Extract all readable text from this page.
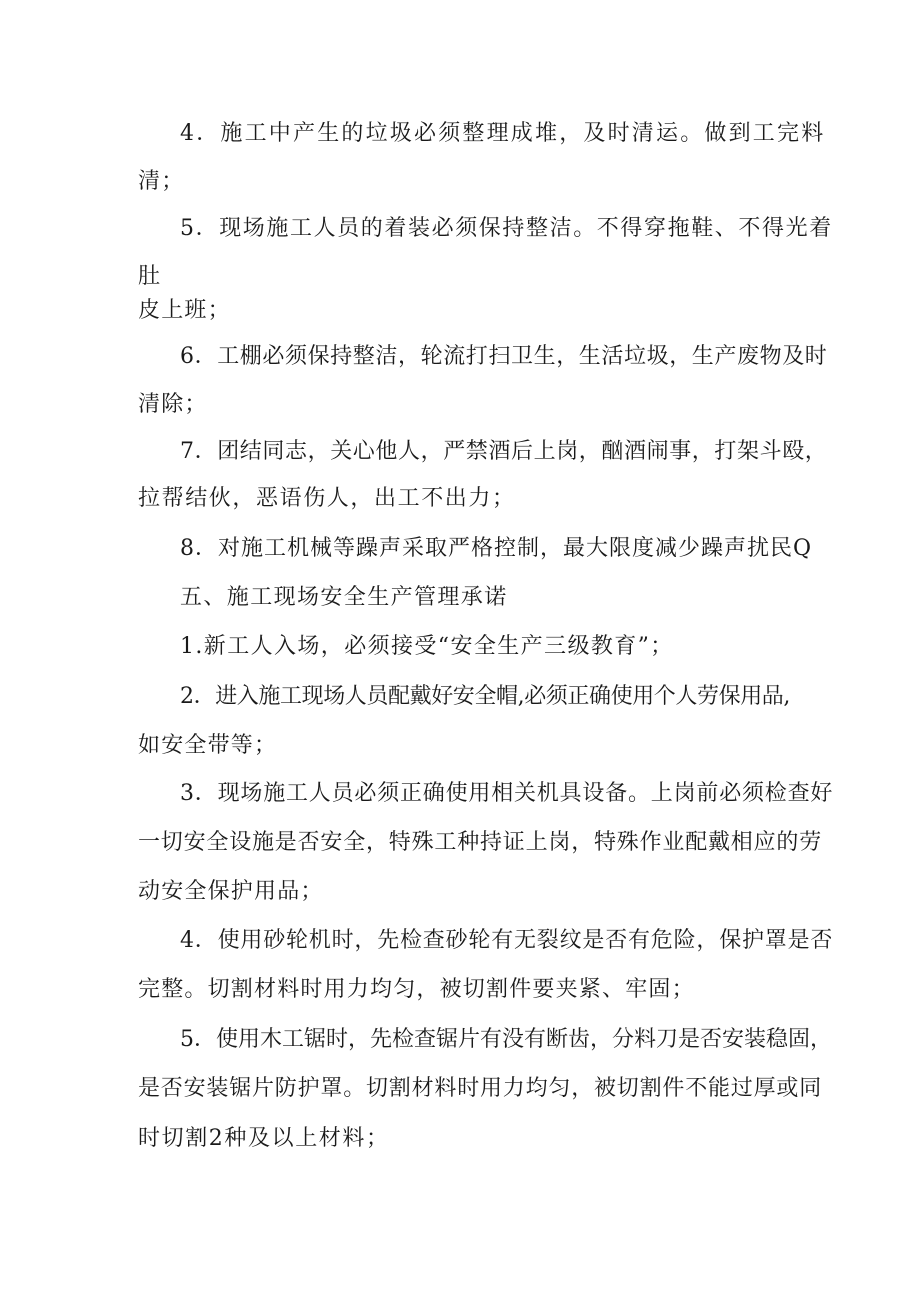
4．施工中产生的垃圾必须整理成堆，及时清运。做到工完料
清；
5．现场施工人员的着装必须保持整洁。不得穿拖鞋、不得光着
肚
皮上班；
6．工棚必须保持整洁，轮流打扫卫生，生活垃圾，生产废物及时
清除；
7．团结同志，关心他人，严禁酒后上岗，酗酒闹事，打架斗殴，
拉帮结伙，恶语伤人，出工不出力；
8．对施工机械等躁声采取严格控制，最大限度减少躁声扰民Q
五、施工现场安全生产管理承诺
1.新工人入场，必须接受“安全生产三级教育”；
2．进入施工现场人员配戴好安全帽,必须正确使用个人劳保用品,
如安全带等；
3．现场施工人员必须正确使用相关机具设备。上岗前必须检查好
一切安全设施是否安全，特殊工种持证上岗，特殊作业配戴相应的劳
动安全保护用品；
4．使用砂轮机时，先检查砂轮有无裂纹是否有危险，保护罩是否
完整。切割材料时用力均匀，被切割件要夹紧、牢固；
5．使用木工锯时，先检查锯片有没有断齿，分料刀是否安装稳固，
是否安装锯片防护罩。切割材料时用力均匀，被切割件不能过厚或同
时切割2种及以上材料；
